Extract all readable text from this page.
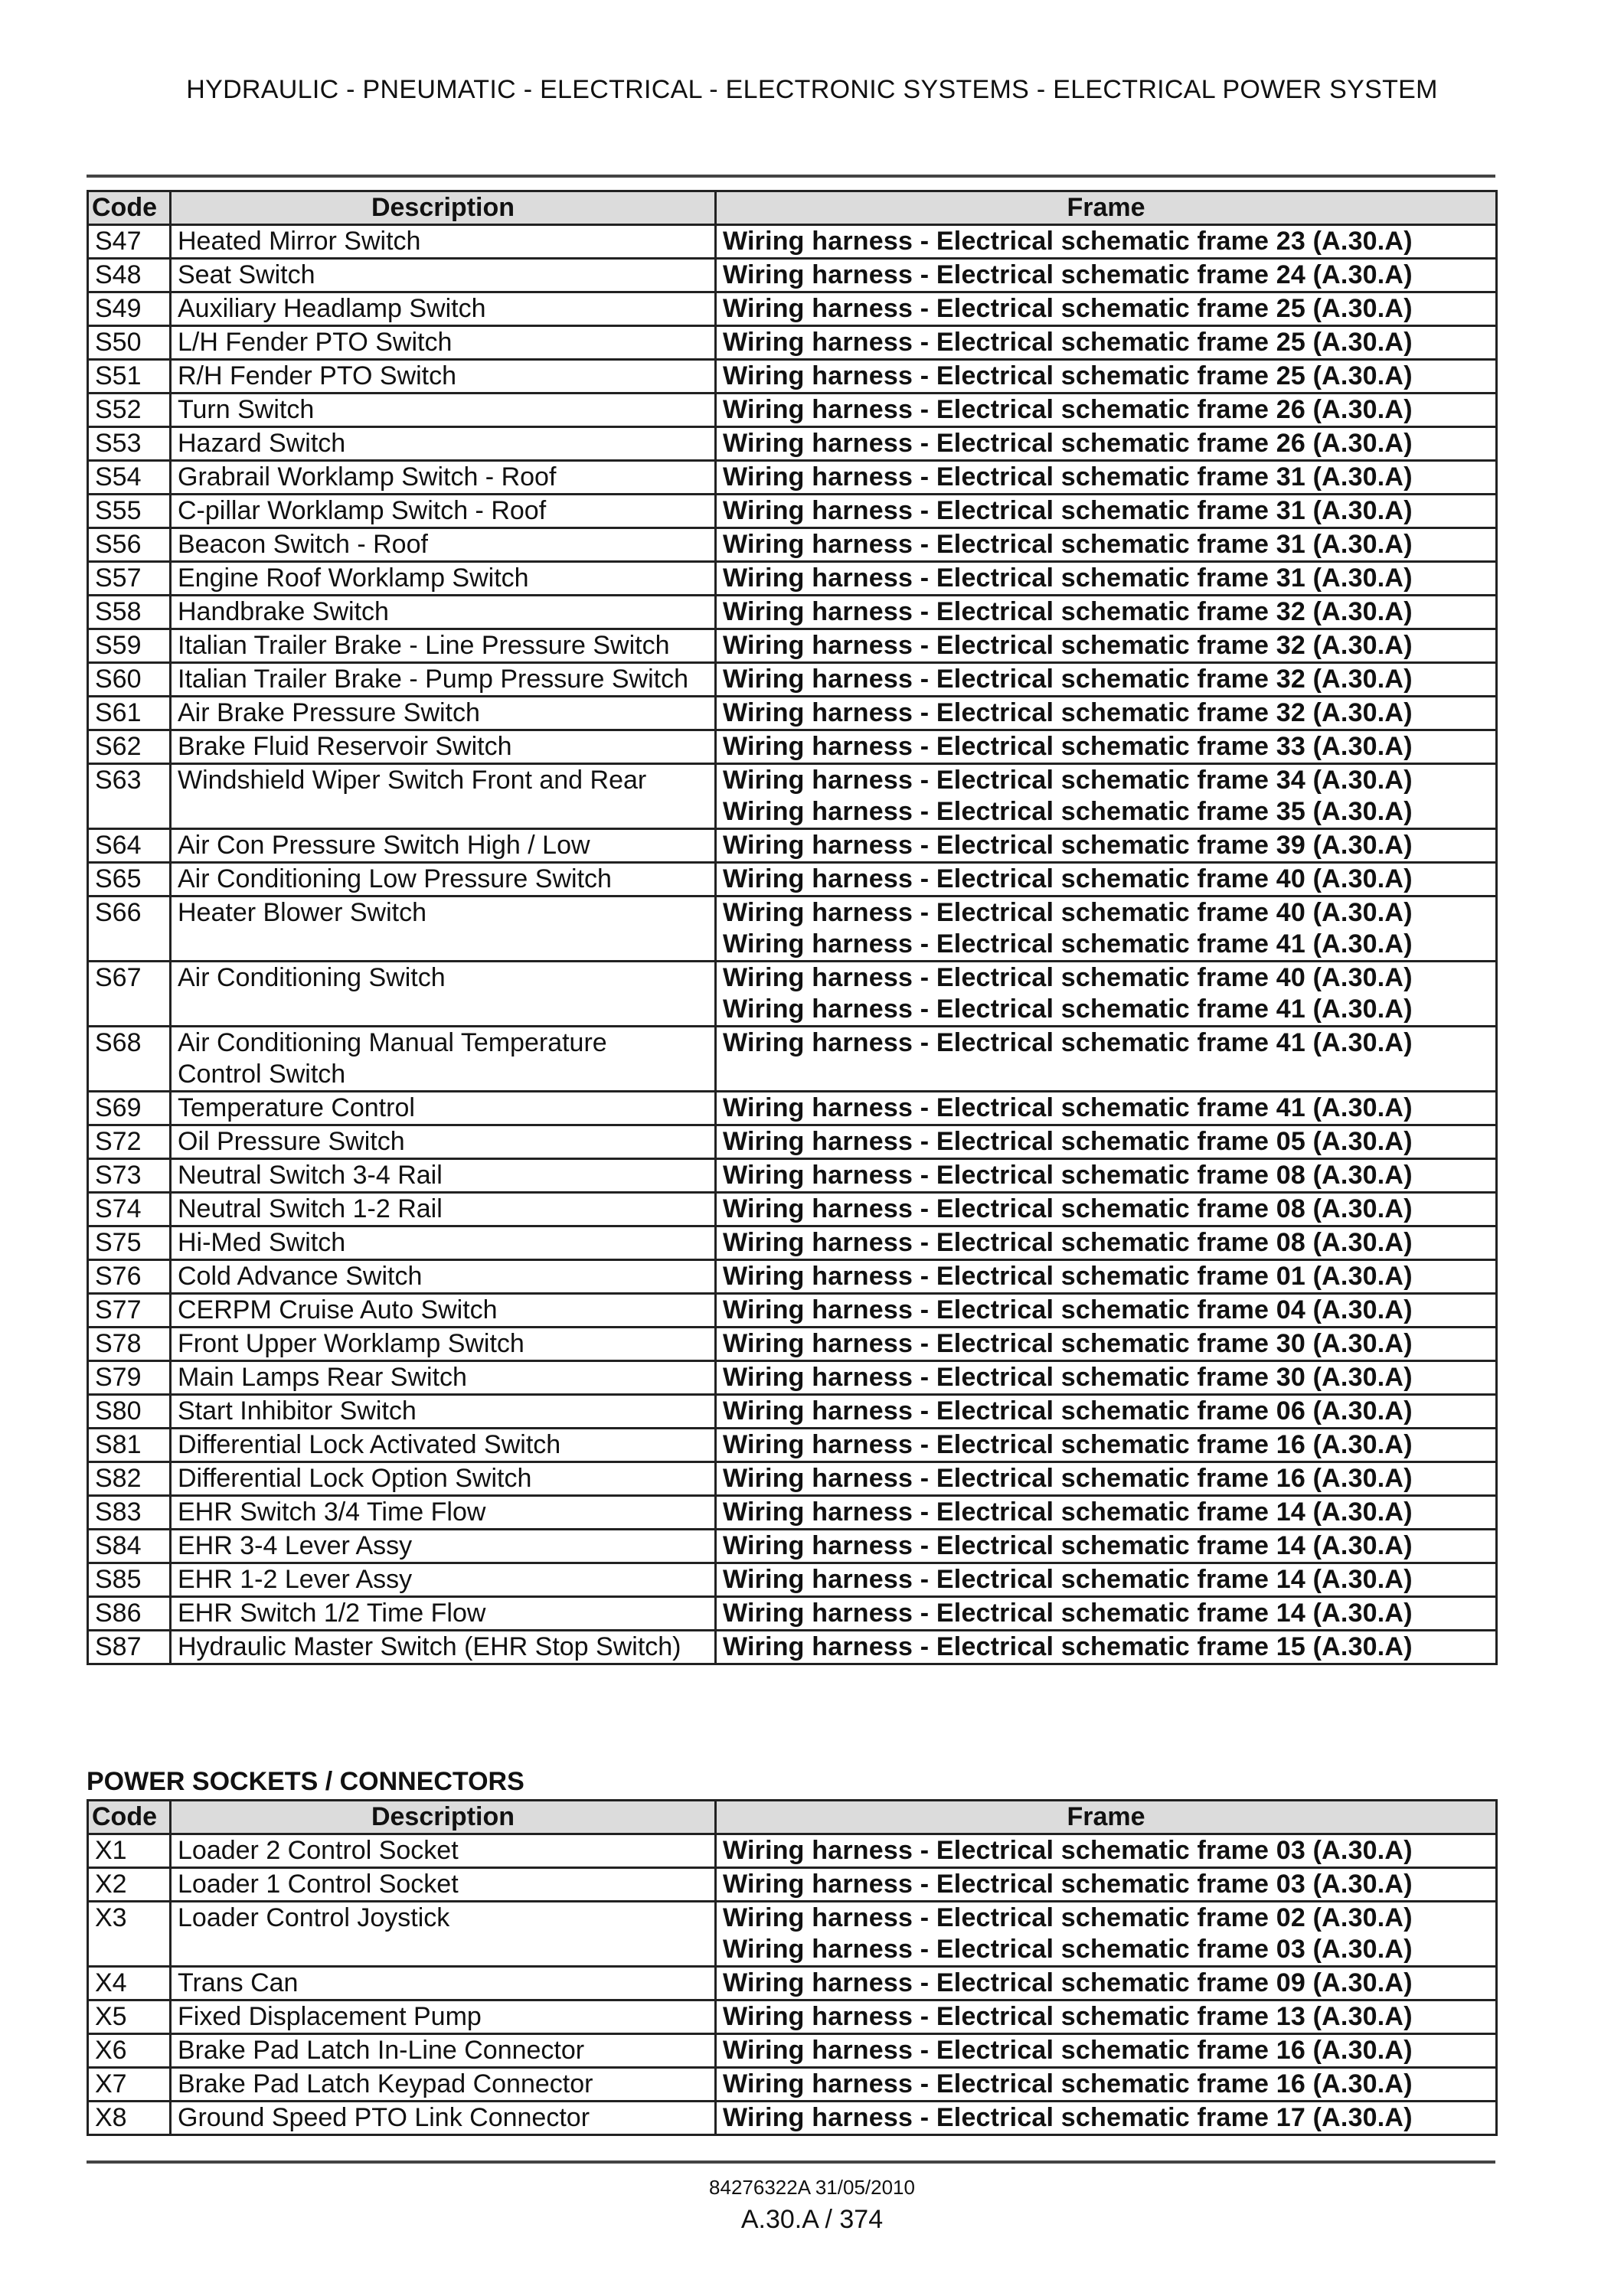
HYDRAULIC - PNEUMATIC - ELECTRICAL - ELECTRONIC SYSTEMS - ELECTRICAL POWER SYSTEM
Code	Description	Frame
S47	Heated Mirror Switch	Wiring harness - Electrical schematic frame 23 (A.30.A)

S48	Seat Switch	Wiring harness - Electrical schematic frame 24 (A.30.A)

S49	Auxiliary Headlamp Switch	Wiring harness - Electrical schematic frame 25 (A.30.A)

S50	L/H Fender PTO Switch	Wiring harness - Electrical schematic frame 25 (A.30.A)

S51	R/H Fender PTO Switch	Wiring harness - Electrical schematic frame 25 (A.30.A)

S52	Turn Switch	Wiring harness - Electrical schematic frame 26 (A.30.A)

S53	Hazard Switch	Wiring harness - Electrical schematic frame 26 (A.30.A)

S54	Grabrail Worklamp Switch - Roof	Wiring harness - Electrical schematic frame 31 (A.30.A)

S55	C-pillar Worklamp Switch - Roof	Wiring harness - Electrical schematic frame 31 (A.30.A)

S56	Beacon Switch - Roof	Wiring harness - Electrical schematic frame 31 (A.30.A)

S57	Engine Roof Worklamp Switch	Wiring harness - Electrical schematic frame 31 (A.30.A)

S58	Handbrake Switch	Wiring harness - Electrical schematic frame 32 (A.30.A)

S59	Italian Trailer Brake - Line Pressure Switch	Wiring harness - Electrical schematic frame 32 (A.30.A)

S60	Italian Trailer Brake - Pump Pressure Switch	Wiring harness - Electrical schematic frame 32 (A.30.A)

S61	Air Brake Pressure Switch	Wiring harness - Electrical schematic frame 32 (A.30.A)

S62	Brake Fluid Reservoir Switch	Wiring harness - Electrical schematic frame 33 (A.30.A)

S63	Windshield Wiper Switch Front and Rear	Wiring harness - Electrical schematic frame 34 (A.30.A)
Wiring harness - Electrical schematic frame 35 (A.30.A)

S64	Air Con Pressure Switch High / Low	Wiring harness - Electrical schematic frame 39 (A.30.A)

S65	Air Conditioning Low Pressure Switch	Wiring harness - Electrical schematic frame 40 (A.30.A)

S66	Heater Blower Switch	Wiring harness - Electrical schematic frame 40 (A.30.A)
Wiring harness - Electrical schematic frame 41 (A.30.A)

S67	Air Conditioning Switch	Wiring harness - Electrical schematic frame 40 (A.30.A)
Wiring harness - Electrical schematic frame 41 (A.30.A)

S68	Air Conditioning Manual Temperature
Control Switch	Wiring harness - Electrical schematic frame 41 (A.30.A)

S69	Temperature Control	Wiring harness - Electrical schematic frame 41 (A.30.A)

S72	Oil Pressure Switch	Wiring harness - Electrical schematic frame 05 (A.30.A)

S73	Neutral Switch 3-4 Rail	Wiring harness - Electrical schematic frame 08 (A.30.A)

S74	Neutral Switch 1-2 Rail	Wiring harness - Electrical schematic frame 08 (A.30.A)

S75	Hi-Med Switch	Wiring harness - Electrical schematic frame 08 (A.30.A)

S76	Cold Advance Switch	Wiring harness - Electrical schematic frame 01 (A.30.A)

S77	CERPM Cruise Auto Switch	Wiring harness - Electrical schematic frame 04 (A.30.A)

S78	Front Upper Worklamp Switch	Wiring harness - Electrical schematic frame 30 (A.30.A)

S79	Main Lamps Rear Switch	Wiring harness - Electrical schematic frame 30 (A.30.A)

S80	Start Inhibitor Switch	Wiring harness - Electrical schematic frame 06 (A.30.A)

S81	Differential Lock Activated Switch	Wiring harness - Electrical schematic frame 16 (A.30.A)

S82	Differential Lock Option Switch	Wiring harness - Electrical schematic frame 16 (A.30.A)

S83	EHR Switch 3/4 Time Flow	Wiring harness - Electrical schematic frame 14 (A.30.A)

S84	EHR 3-4 Lever Assy	Wiring harness - Electrical schematic frame 14 (A.30.A)

S85	EHR 1-2 Lever Assy	Wiring harness - Electrical schematic frame 14 (A.30.A)

S86	EHR Switch 1/2 Time Flow	Wiring harness - Electrical schematic frame 14 (A.30.A)

S87	Hydraulic Master Switch (EHR Stop Switch)	Wiring harness - Electrical schematic frame 15 (A.30.A)
POWER SOCKETS / CONNECTORS
Code	Description	Frame
X1	Loader 2 Control Socket	Wiring harness - Electrical schematic frame 03 (A.30.A)

X2	Loader 1 Control Socket	Wiring harness - Electrical schematic frame 03 (A.30.A)

X3	Loader Control Joystick	Wiring harness - Electrical schematic frame 02 (A.30.A)
Wiring harness - Electrical schematic frame 03 (A.30.A)

X4	Trans Can	Wiring harness - Electrical schematic frame 09 (A.30.A)

X5	Fixed Displacement Pump	Wiring harness - Electrical schematic frame 13 (A.30.A)

X6	Brake Pad Latch In-Line Connector	Wiring harness - Electrical schematic frame 16 (A.30.A)

X7	Brake Pad Latch Keypad Connector	Wiring harness - Electrical schematic frame 16 (A.30.A)

X8	Ground Speed PTO Link Connector	Wiring harness - Electrical schematic frame 17 (A.30.A)
84276322A 31/05/2010
A.30.A / 374
